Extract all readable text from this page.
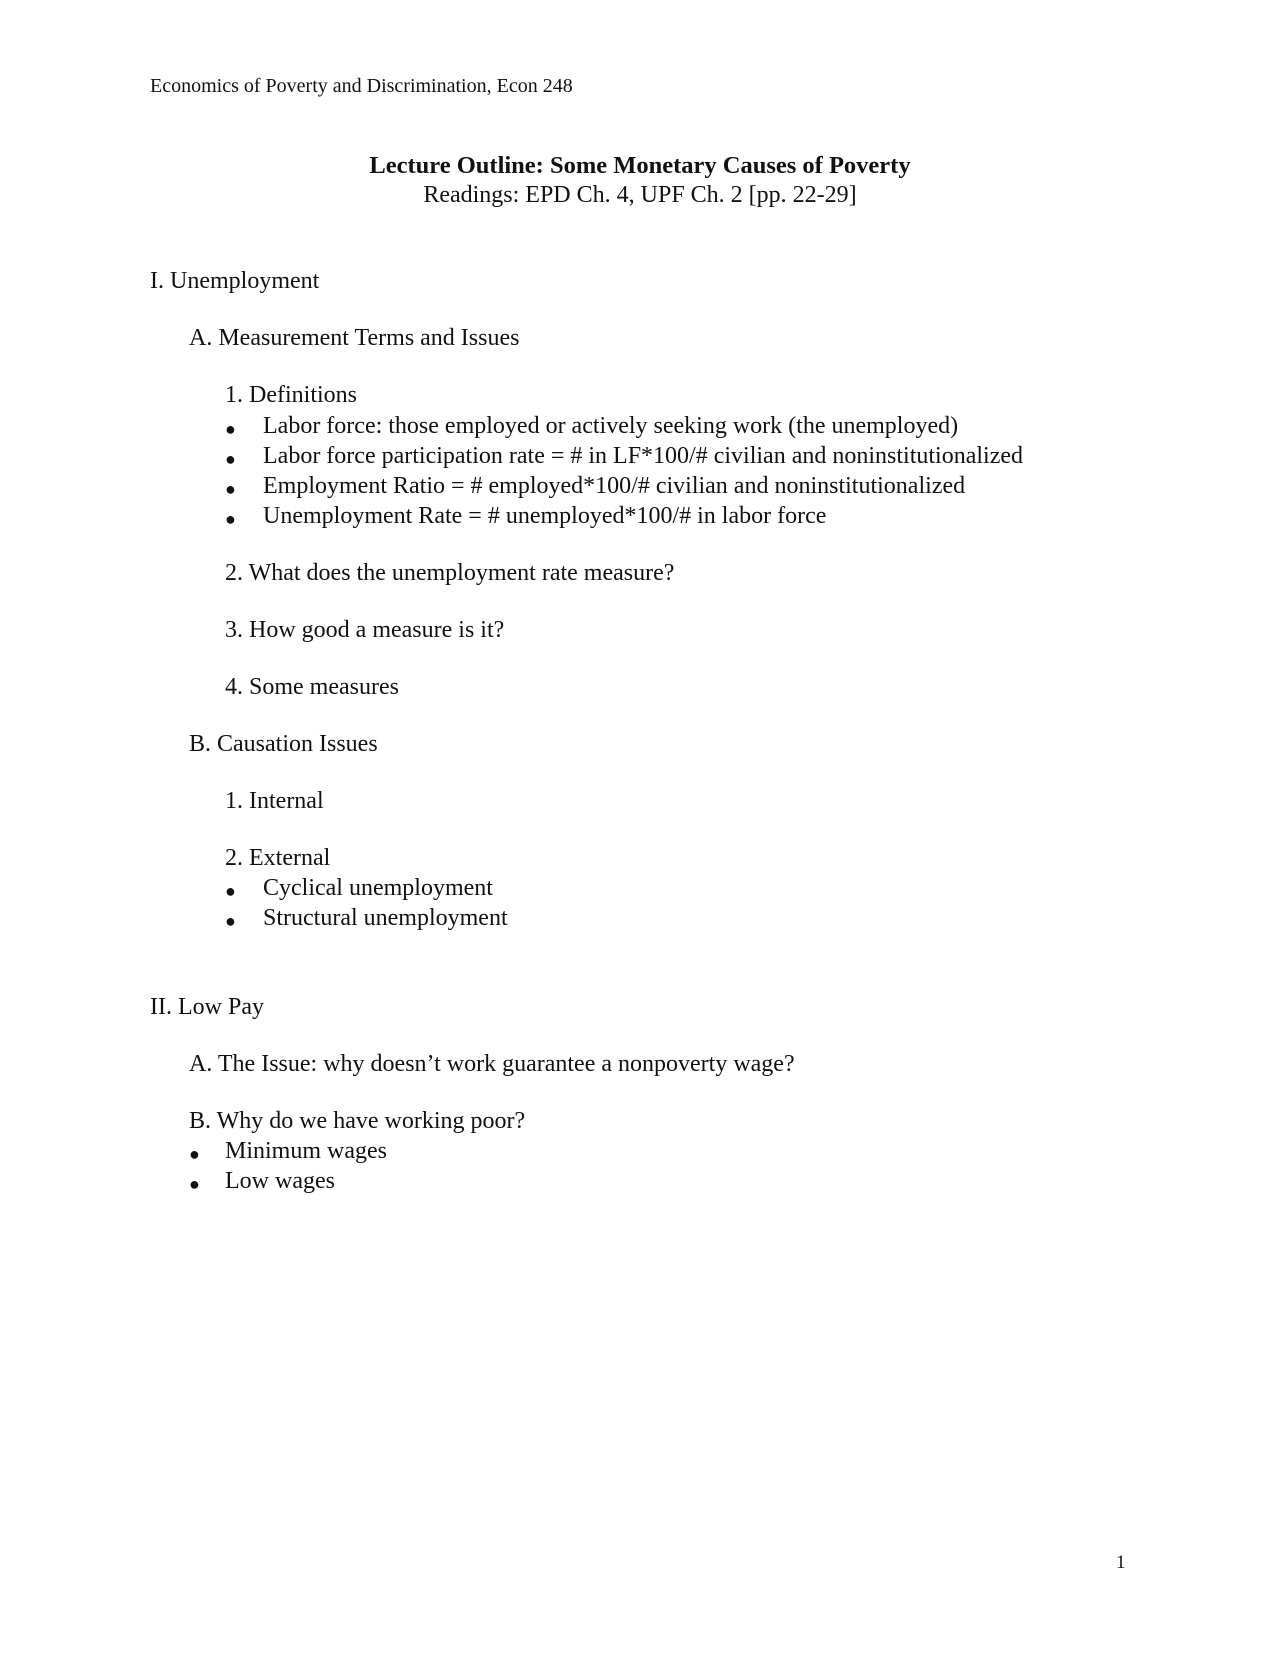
Economics of Poverty and Discrimination, Econ 248
Lecture Outline: Some Monetary Causes of Poverty
Readings: EPD Ch. 4, UPF Ch. 2 [pp. 22-29]
I. Unemployment
A. Measurement Terms and Issues
1. Definitions
● Labor force: those employed or actively seeking work (the unemployed)
● Labor force participation rate = # in LF*100/# civilian and noninstitutionalized
● Employment Ratio = # employed*100/# civilian and noninstitutionalized
● Unemployment Rate = # unemployed*100/# in labor force
2. What does the unemployment rate measure?
3. How good a measure is it?
4. Some measures
B. Causation Issues
1. Internal
2. External
● Cyclical unemployment
● Structural unemployment
II. Low Pay
A. The Issue: why doesn’t work guarantee a nonpoverty wage?
B. Why do we have working poor?
● Minimum wages
● Low wages
1
